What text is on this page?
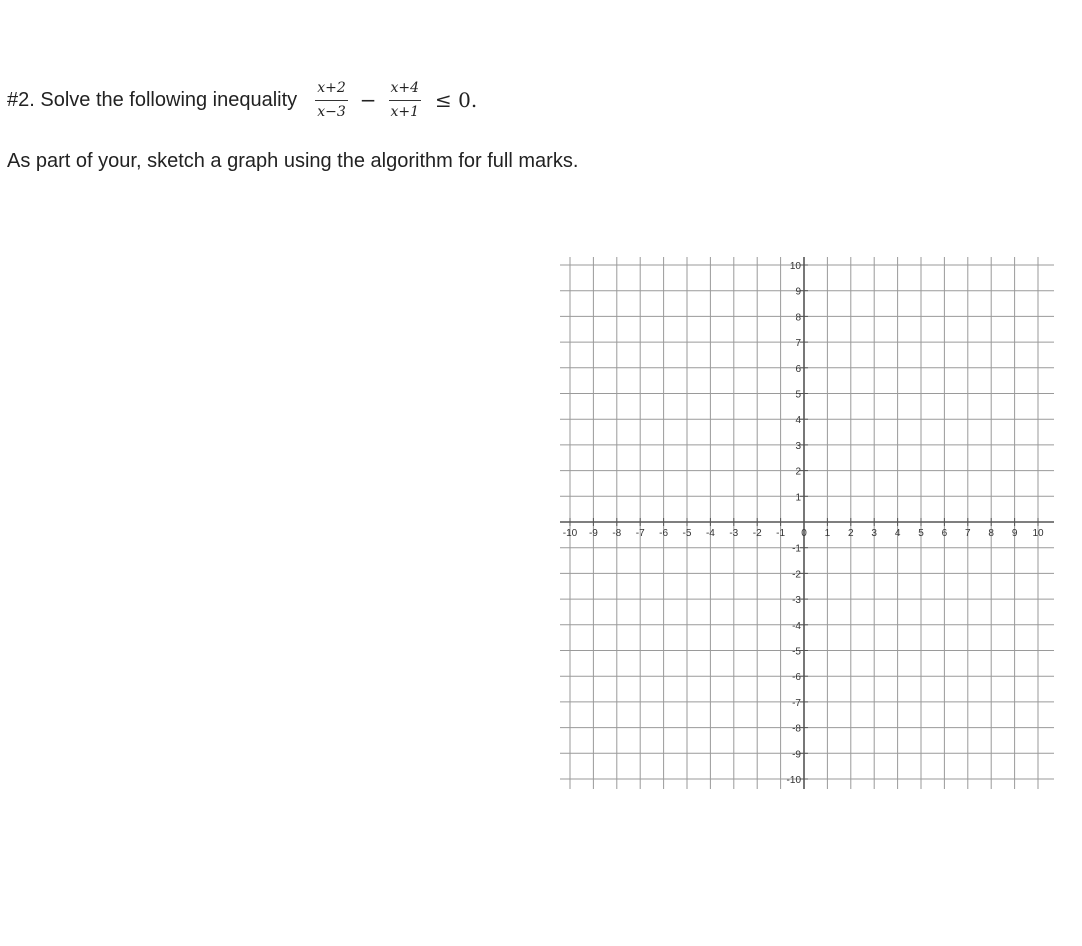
#2. Solve the following inequality $\frac{x+2}{x-3} - \frac{x+4}{x+1} \le 0$.
As part of your, sketch a graph using the algorithm for full marks.
-10 -9 -8 -7 -6 -5 -4 -3 -2 -1 0 1 2 3 4 5 6 7 8 9 10
10
9
8
7
6
5
4
3
2
1
-1
-2
-3
-4
-5
-6
-7
-8
-9
-10
